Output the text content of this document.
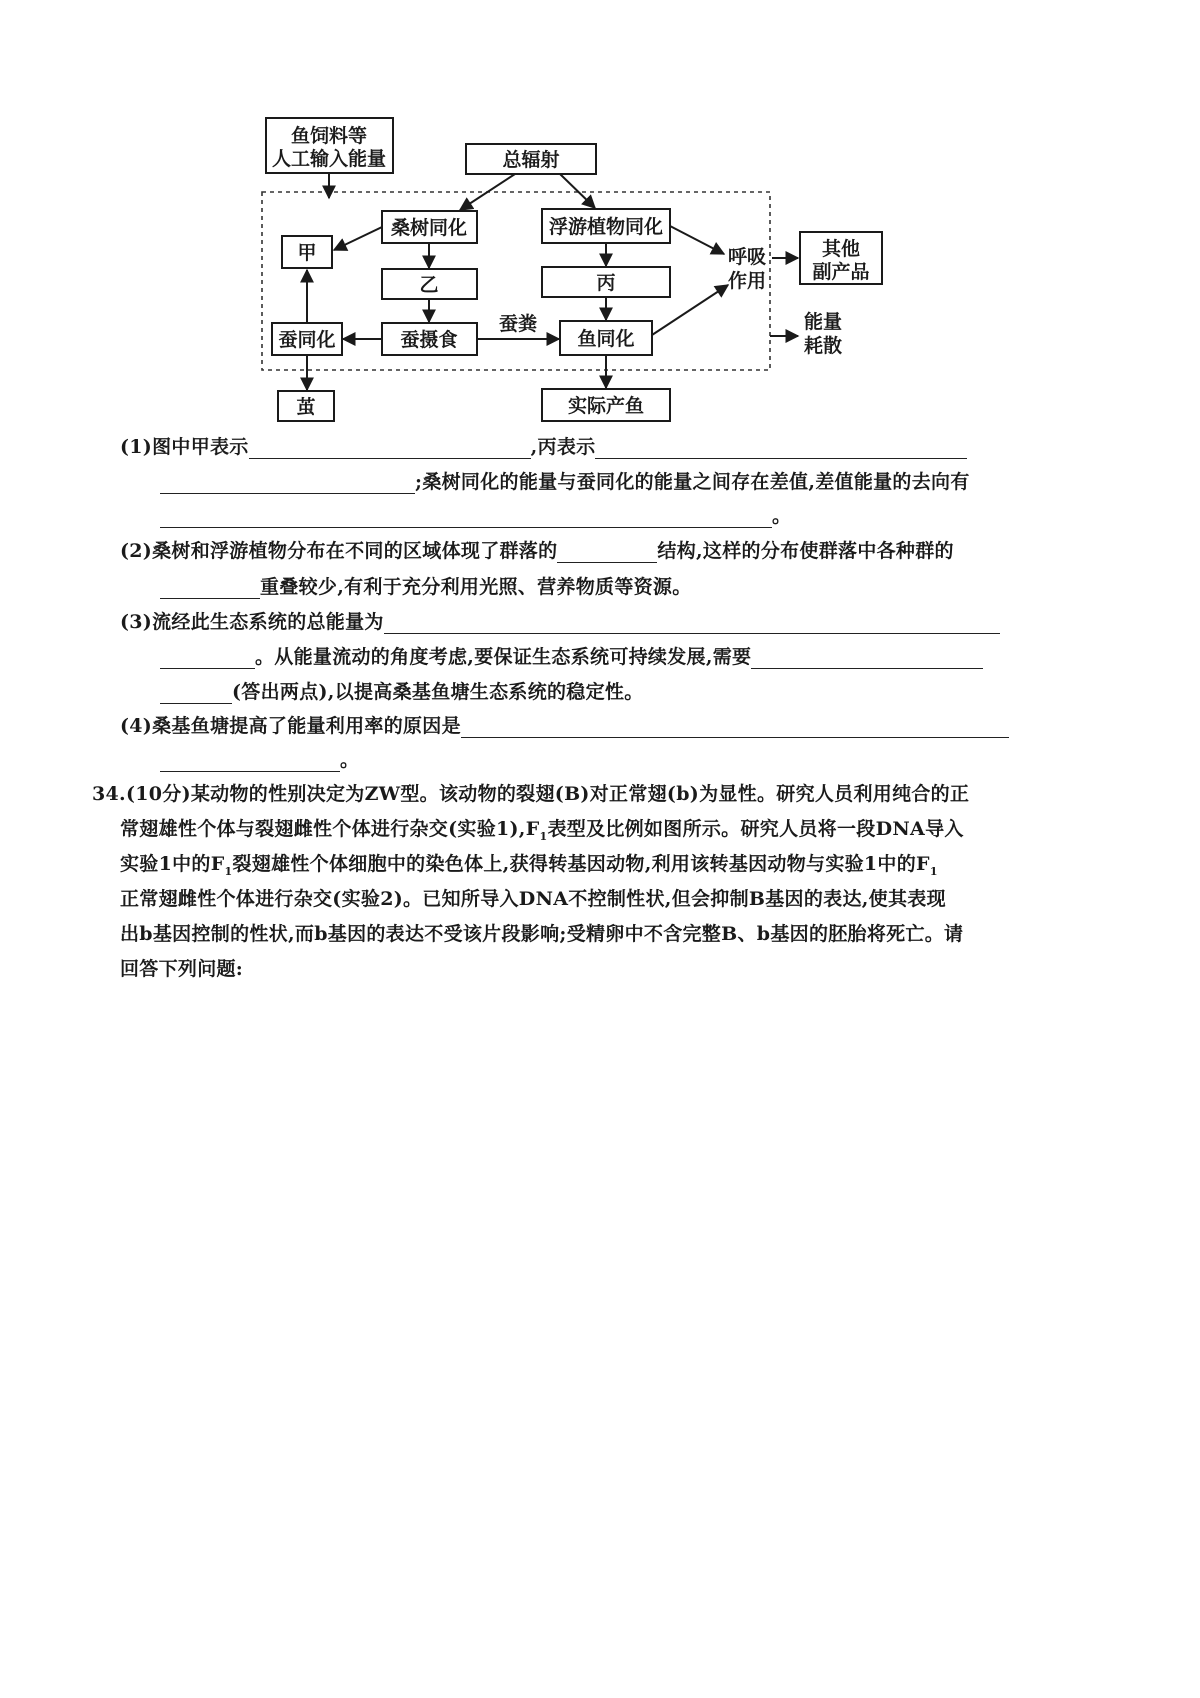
鱼饲料等
人工输入能量	总辐射
桑树同化	浮游植物同化
甲
乙	丙
蚕同化	蚕摄食	鱼同化
其他
副产品
茧	实际产鱼
呼吸
作用
蚕粪	能量
耗散
(1)图中甲表示	,丙表示
;桑树同化的能量与蚕同化的能量之间存在差值,差值能量的去向有
。
(2)桑树和浮游植物分布在不同的区域体现了群落的	结构,这样的分布使群落中各种群的
重叠较少,有利于充分利用光照、营养物质等资源。
(3)流经此生态系统的总能量为
。从能量流动的角度考虑,要保证生态系统可持续发展,需要
(答出两点),以提高桑基鱼塘生态系统的稳定性。
(4)桑基鱼塘提高了能量利用率的原因是
。
34.(10分)某动物的性别决定为ZW型。该动物的裂翅(B)对正常翅(b)为显性。研究人员利用纯合的正
常翅雄性个体与裂翅雌性个体进行杂交(实验$1),F_1$表型及比例如图所示。研究人员将一段DNA导入
实验1中的$F_1$裂翅雄性个体细胞中的染色体上,获得转基因动物,利用该转基因动物与实验1中的$F_1$
正常翅雌性个体进行杂交(实验2)。已知所导入DNA不控制性状,但会抑制B基因的表达,使其表现
出b基因控制的性状,而b基因的表达不受该片段影响;受精卵中不含完整B、b基因的胚胎将死亡。请
回答下列问题:
